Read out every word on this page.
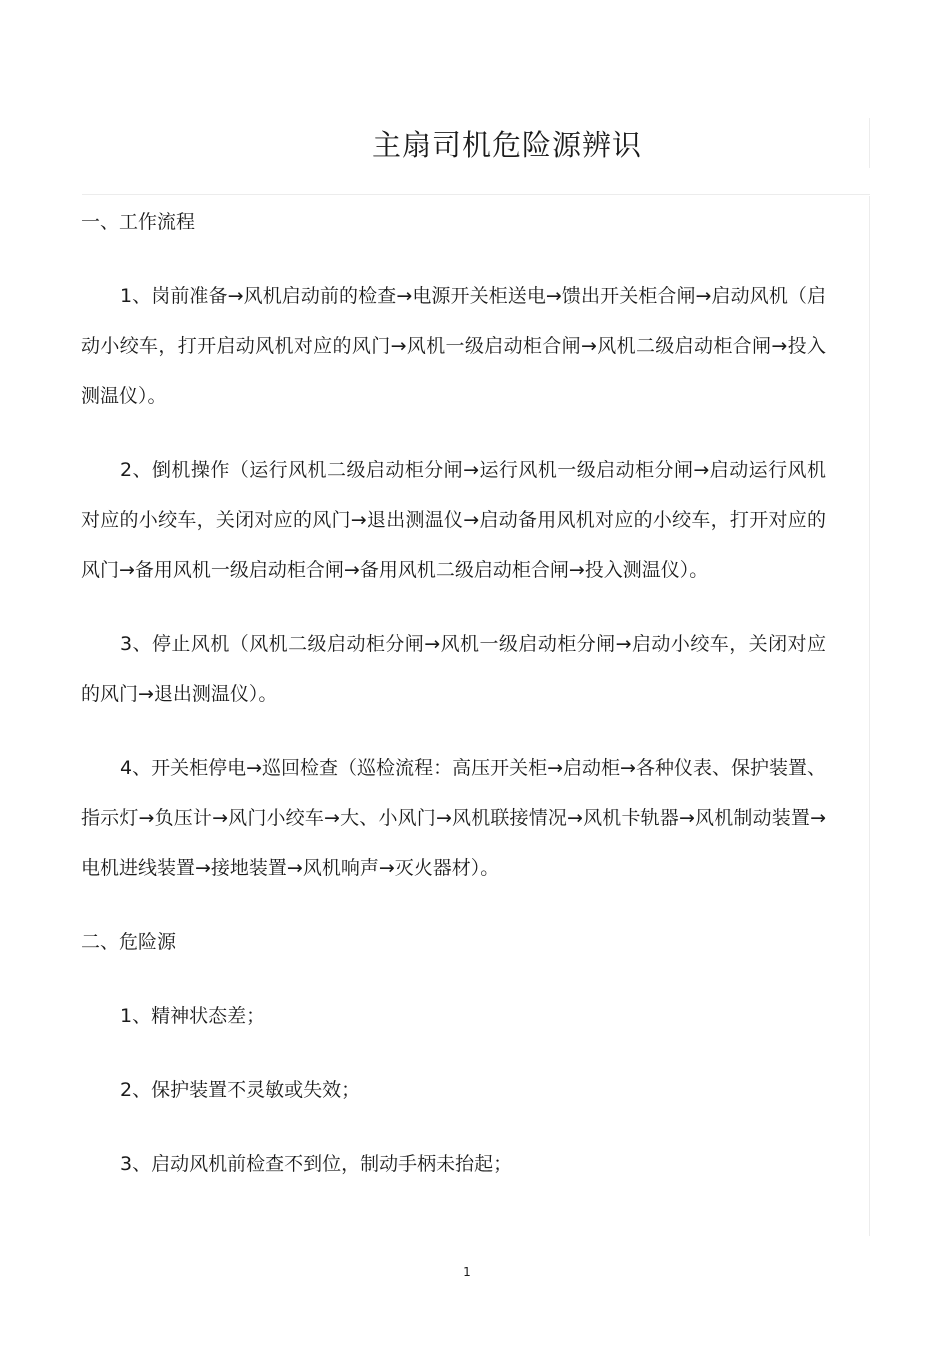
主扇司机危险源辨识
一、工作流程

1、岗前准备→风机启动前的检查→电源开关柜送电→馈出开关柜合闸→启动风机（启动小绞车，打开启动风机对应的风门→风机一级启动柜合闸→风机二级启动柜合闸→投入测温仪）。

2、倒机操作（运行风机二级启动柜分闸→运行风机一级启动柜分闸→启动运行风机对应的小绞车，关闭对应的风门→退出测温仪→启动备用风机对应的小绞车，打开对应的风门→备用风机一级启动柜合闸→备用风机二级启动柜合闸→投入测温仪）。

3、停止风机（风机二级启动柜分闸→风机一级启动柜分闸→启动小绞车，关闭对应的风门→退出测温仪）。

4、开关柜停电→巡回检查（巡检流程：高压开关柜→启动柜→各种仪表、保护装置、指示灯→负压计→风门小绞车→大、小风门→风机联接情况→风机卡轨器→风机制动装置→电机进线装置→接地装置→风机响声→灭火器材）。

二、危险源

1、精神状态差；

2、保护装置不灵敏或失效；

3、启动风机前检查不到位，制动手柄未抬起；

1
